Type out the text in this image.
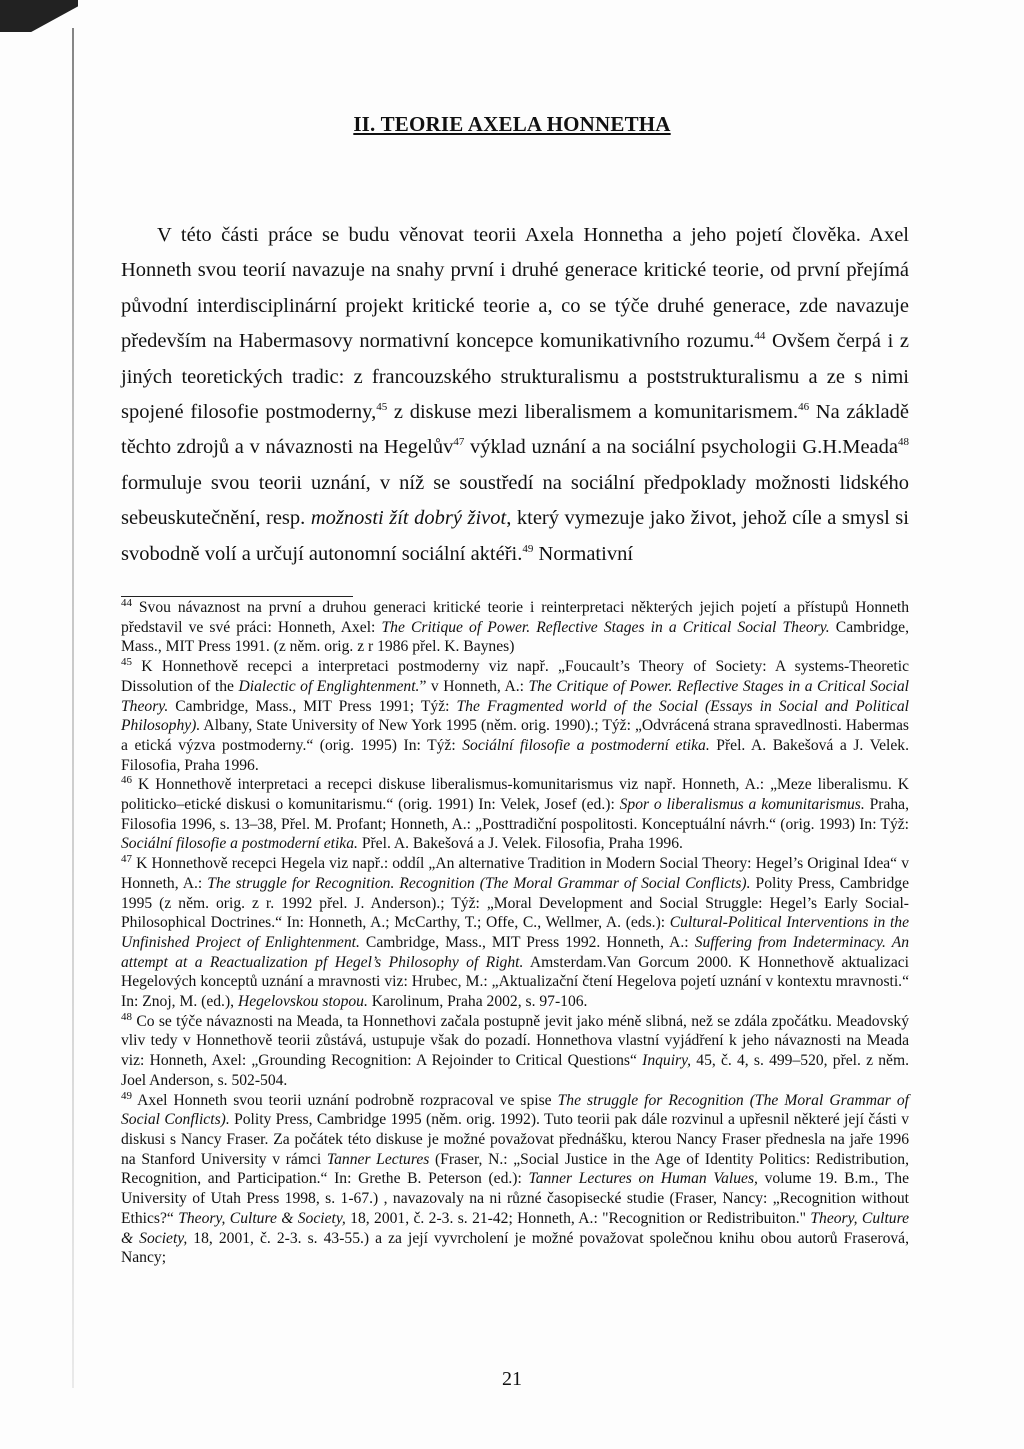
II. TEORIE AXELA HONNETHA

V této části práce se budu věnovat teorii Axela Honnetha a jeho pojetí člověka. Axel Honneth svou teorií navazuje na snahy první i druhé generace kritické teorie, od první přejímá původní interdisciplinární projekt kritické teorie a, co se týče druhé generace, zde navazuje především na Habermasovy normativní koncepce komunikativního rozumu.$^{44}$ Ovšem čerpá i z jiných teoretických tradic: z francouzského strukturalismu a poststrukturalismu a ze s nimi spojené filosofie postmoderny,$^{45}$ z diskuse mezi liberalismem a komunitarismem.$^{46}$ Na základě těchto zdrojů a v návaznosti na Hegelův$^{47}$ výklad uznání a na sociální psychologii G.H.Meada$^{48}$ formuluje svou teorii uznání, v níž se soustředí na sociální předpoklady možnosti lidského sebeuskutečnění, resp. možnosti žít dobrý život, který vymezuje jako život, jehož cíle a smysl si svobodně volí a určují autonomní sociální aktéři.$^{49}$ Normativní

$^{44}$ Svou návaznost na první a druhou generaci kritické teorie i reinterpretaci některých jejich pojetí a přístupů Honneth představil ve své práci: Honneth, Axel: The Critique of Power. Reflective Stages in a Critical Social Theory. Cambridge, Mass., MIT Press 1991. (z něm. orig. z r 1986 přel. K. Baynes)

$^{45}$ K Honnethově recepci a interpretaci postmoderny viz např. „Foucault’s Theory of Society: A systems-Theoretic Dissolution of the Dialectic of Englightenment.” v Honneth, A.: The Critique of Power. Reflective Stages in a Critical Social Theory. Cambridge, Mass., MIT Press 1991; Týž: The Fragmented world of the Social (Essays in Social and Political Philosophy). Albany, State University of New York 1995 (něm. orig. 1990).; Týž: „Odvrácená strana spravedlnosti. Habermas a etická výzva postmoderny.“ (orig. 1995) In: Týž: Sociální filosofie a postmoderní etika. Přel. A. Bakešová a J. Velek. Filosofia, Praha 1996.

$^{46}$ K Honnethově interpretaci a recepci diskuse liberalismus-komunitarismus viz např. Honneth, A.: „Meze liberalismu. K politicko–etické diskusi o komunitarismu.“ (orig. 1991) In: Velek, Josef (ed.): Spor o liberalismus a komunitarismus. Praha, Filosofia 1996, s. 13–38, Přel. M. Profant; Honneth, A.: „Posttradiční pospolitosti. Konceptuální návrh.“ (orig. 1993) In: Týž: Sociální filosofie a postmoderní etika. Přel. A. Bakešová a J. Velek. Filosofia, Praha 1996.

$^{47}$ K Honnethově recepci Hegela viz např.: oddíl „An alternative Tradition in Modern Social Theory: Hegel’s Original Idea“ v Honneth, A.: The struggle for Recognition. Recognition (The Moral Grammar of Social Conflicts). Polity Press, Cambridge 1995 (z něm. orig. z r. 1992 přel. J. Anderson).; Týž: „Moral Development and Social Struggle: Hegel’s Early Social-Philosophical Doctrines.“ In: Honneth, A.; McCarthy, T.; Offe, C., Wellmer, A. (eds.): Cultural-Political Interventions in the Unfinished Project of Enlightenment. Cambridge, Mass., MIT Press 1992. Honneth, A.: Suffering from Indeterminacy. An attempt at a Reactualization pf Hegel’s Philosophy of Right. Amsterdam.Van Gorcum 2000. K Honnethově aktualizaci Hegelových konceptů uznání a mravnosti viz: Hrubec, M.: „Aktualizační čtení Hegelova pojetí uznání v kontextu mravnosti.“ In: Znoj, M. (ed.), Hegelovskou stopou. Karolinum, Praha 2002, s. 97-106.

$^{48}$ Co se týče návaznosti na Meada, ta Honnethovi začala postupně jevit jako méně slibná, než se zdála zpočátku. Meadovský vliv tedy v Honnethově teorii zůstává, ustupuje však do pozadí. Honnethova vlastní vyjádření k jeho návaznosti na Meada viz: Honneth, Axel: „Grounding Recognition: A Rejoinder to Critical Questions“ Inquiry, 45, č. 4, s. 499–520, přel. z něm. Joel Anderson, s. 502-504.

$^{49}$ Axel Honneth svou teorii uznání podrobně rozpracoval ve spise The struggle for Recognition (The Moral Grammar of Social Conflicts). Polity Press, Cambridge 1995 (něm. orig. 1992). Tuto teorii pak dále rozvinul a upřesnil některé její části v diskusi s Nancy Fraser. Za počátek této diskuse je možné považovat přednášku, kterou Nancy Fraser přednesla na jaře 1996 na Stanford University v rámci Tanner Lectures (Fraser, N.: „Social Justice in the Age of Identity Politics: Redistribution, Recognition, and Participation.“ In: Grethe B. Peterson (ed.): Tanner Lectures on Human Values, volume 19. B.m., The University of Utah Press 1998, s. 1-67.) , navazovaly na ni různé časopisecké studie (Fraser, Nancy: „Recognition without Ethics?“ Theory, Culture & Society, 18, 2001, č. 2-3. s. 21-42; Honneth, A.: "Recognition or Redistribuiton." Theory, Culture & Society, 18, 2001, č. 2-3. s. 43-55.) a za její vyvrcholení je možné považovat společnou knihu obou autorů Fraserová, Nancy;

21
